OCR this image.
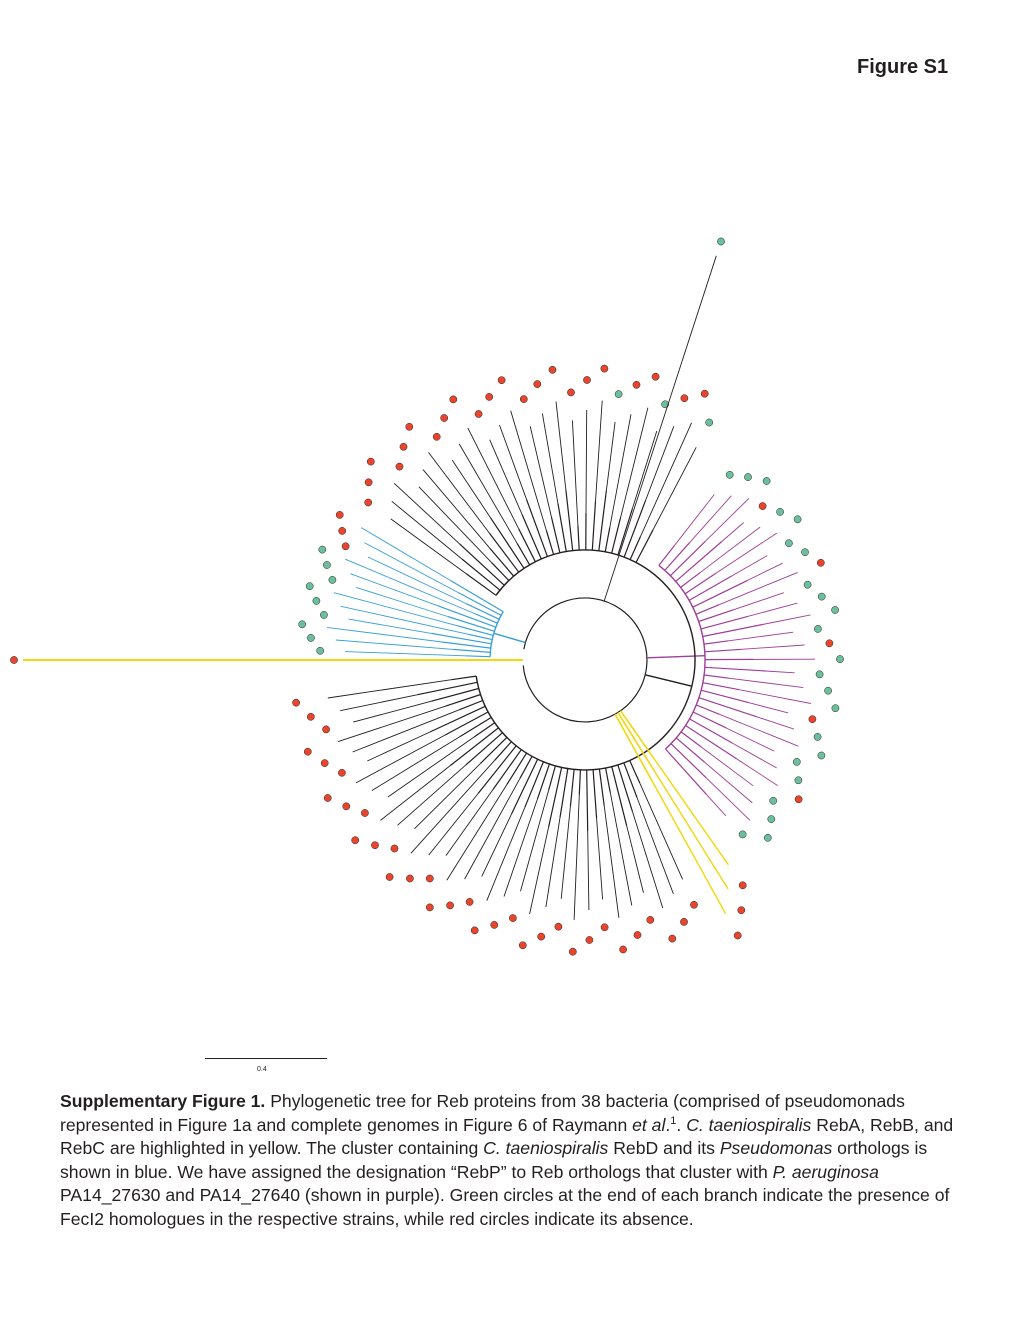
Figure S1
0.4
Supplementary Figure 1. Phylogenetic tree for Reb proteins from 38 bacteria (comprised of pseudomonads represented in Figure 1a and complete genomes in Figure 6 of Raymann et al.$^1$. C. taeniospiralis RebA, RebB, and RebC are highlighted in yellow. The cluster containing C. taeniospiralis RebD and its Pseudomonas orthologs is shown in blue. We have assigned the designation “RebP” to Reb orthologs that cluster with P. aeruginosa PA14_27630 and PA14_27640 (shown in purple). Green circles at the end of each branch indicate the presence of FecI2 homologues in the respective strains, while red circles indicate its absence.
